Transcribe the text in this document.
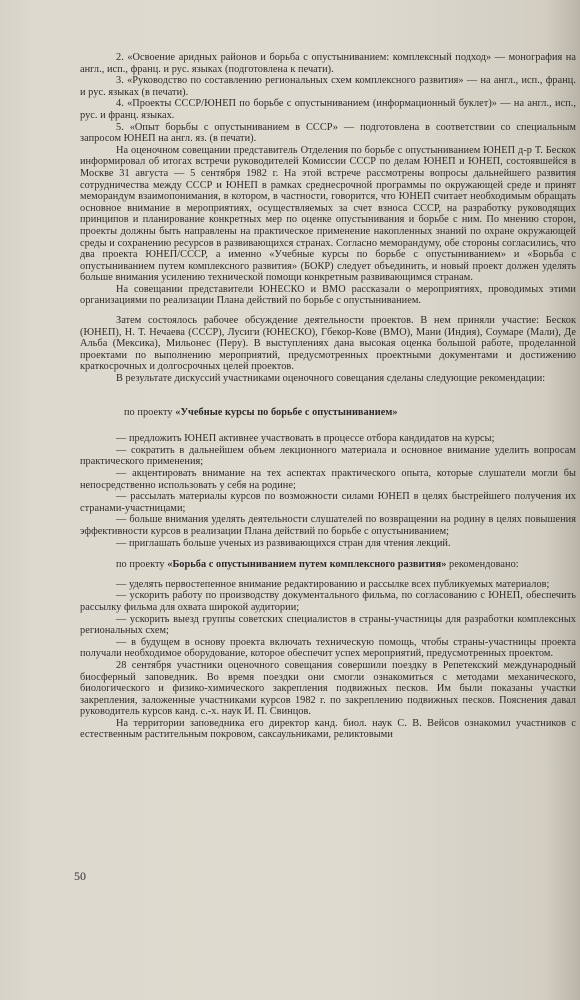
2. «Освоение аридных районов и борьба с опустыниванием: комплексный подход» — монография на англ., исп., франц. и рус. языках (подготовлена к печати).

3. «Руководство по составлению региональных схем комплексного развития» — на англ., исп., франц. и рус. языках (в печати).

4. «Проекты СССР/ЮНЕП по борьбе с опустыниванием (информационный буклет)» — на англ., исп., рус. и франц. языках.

5. «Опыт борьбы с опустыниванием в СССР» — подготовлена в соответствии со специальным запросом ЮНЕП на англ. яз. (в печати).

На оценочном совещании представитель Отделения по борьбе с опустыниванием ЮНЕП д-р Т. Бескок информировал об итогах встречи руководителей Комиссии СССР по делам ЮНЕП и ЮНЕП, состоявшейся в Москве 31 августа — 5 сентября 1982 г. На этой встрече рассмотрены вопросы дальнейшего развития сотрудничества между СССР и ЮНЕП в рамках среднесрочной программы по окружающей среде и принят меморандум взаимопонимания, в котором, в частности, говорится, что ЮНЕП считает необходимым обращать основное внимание в мероприятиях, осуществляемых за счет взноса СССР, на разработку руководящих принципов и планирование конкретных мер по оценке опустынивания и борьбе с ним. По мнению сторон, проекты должны быть направлены на практическое применение накопленных знаний по охране окружающей среды и сохранению ресурсов в развивающихся странах. Согласно меморандуму, обе стороны согласились, что два проекта ЮНЕП/СССР, а именно «Учебные курсы по борьбе с опустыниванием» и «Борьба с опустыниванием путем комплексного развития» (БОКР) следует объединить, и новый проект должен уделять больше внимания усилению технической помощи конкретным развивающимся странам.

На совещании представители ЮНЕСКО и ВМО рассказали о мероприятиях, проводимых этими организациями по реализации Плана действий по борьбе с опустыниванием.

Затем состоялось рабочее обсуждение деятельности проектов. В нем приняли участие: Бескок (ЮНЕП), Н. Т. Нечаева (СССР), Лусиги (ЮНЕСКО), Гбекор-Кове (ВМО), Мани (Индия), Соумаре (Мали), Де Альба (Мексика), Мильонес (Перу). В выступлениях дана высокая оценка большой работе, проделанной проектами по выполнению мероприятий, предусмотренных проектными документами и достижению краткосрочных и долгосрочных целей проектов.

В результате дискуссий участниками оценочного совещания сделаны следующие рекомендации:

по проекту «Учебные курсы по борьбе с опустыниванием»

— предложить ЮНЕП активнее участвовать в процессе отбора кандидатов на курсы;

— сократить в дальнейшем объем лекционного материала и основное внимание уделить вопросам практического применения;

— акцентировать внимание на тех аспектах практического опыта, которые слушатели могли бы непосредственно использовать у себя на родине;

— рассылать материалы курсов по возможности силами ЮНЕП в целях быстрейшего получения их странами-участницами;

— больше внимания уделять деятельности слушателей по возвращении на родину в целях повышения эффективности курсов в реализации Плана действий по борьбе с опустыниванием;

— приглашать больше ученых из развивающихся стран для чтения лекций.

по проекту «Борьба с опустыниванием путем комплексного развития» рекомендовано:

— уделять первостепенное внимание редактированию и рассылке всех публикуемых материалов;

— ускорить работу по производству документального фильма, по согласованию с ЮНЕП, обеспечить рассылку фильма для охвата широкой аудитории;

— ускорить выезд группы советских специалистов в страны-участницы для разработки комплексных региональных схем;

— в будущем в основу проекта включать техническую помощь, чтобы страны-участницы проекта получали необходимое оборудование, которое обеспечит успех мероприятий, предусмотренных проектом.

28 сентября участники оценочного совещания совершили поездку в Репетекский международный биосферный заповедник. Во время поездки они смогли ознакомиться с методами механического, биологического и физико-химического закрепления подвижных песков. Им были показаны участки закрепления, заложенные участниками курсов 1982 г. по закреплению подвижных песков. Пояснения давал руководитель курсов канд. с.-х. наук И. П. Свинцов.

На территории заповедника его директор канд. биол. наук С. В. Вейсов ознакомил участников с естественным растительным покровом, саксаульниками, реликтовыми

50
